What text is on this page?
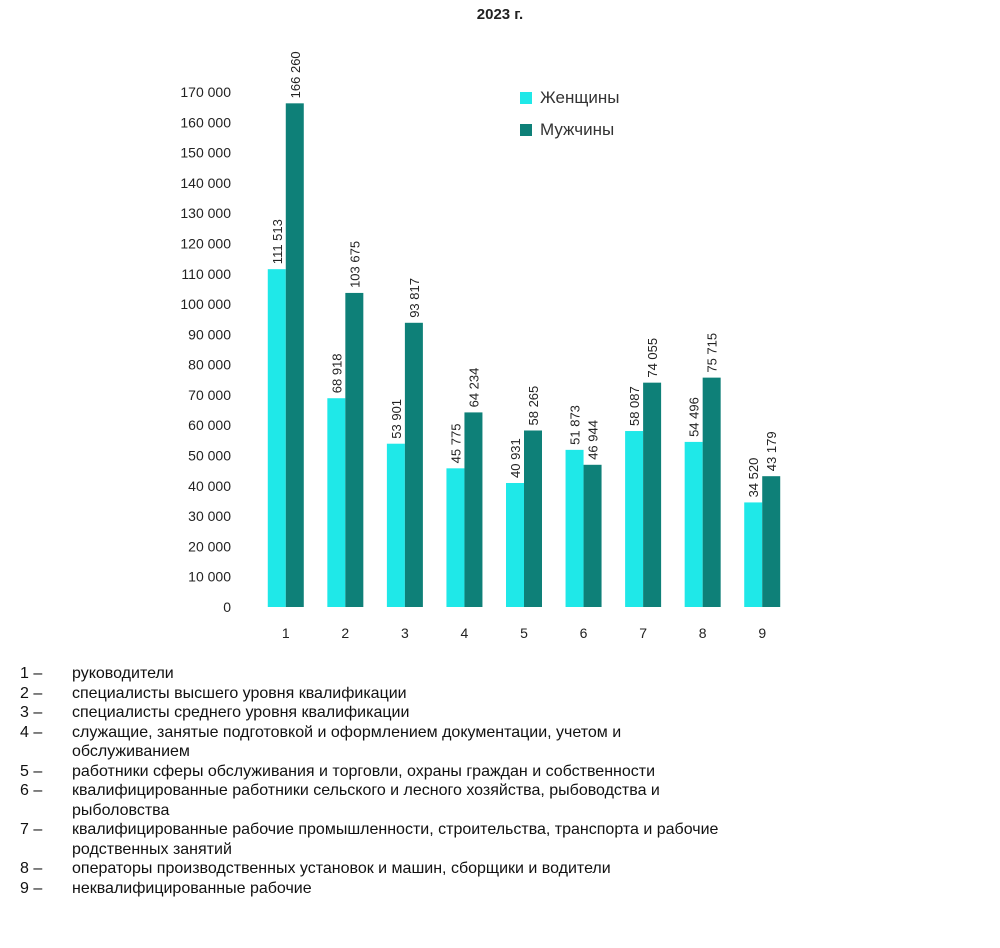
2023 г.
0
10 000
20 000
30 000
40 000
50 000
60 000
70 000
80 000
90 000
100 000
110 000
120 000
130 000
140 000
150 000
160 000
170 000
111 513
166 260
1
68 918
103 675
2
53 901
93 817
3
45 775
64 234
4
40 931
58 265
5
51 873 46 944
6
58 087
74 055
7
54 496
75 715
8
34 520
43 179
9
Женщины
Мужчины
1 –	руководители
2 –	специалисты высшего уровня квалификации
3 –	специалисты среднего уровня квалификации
4 –	служащие, занятые подготовкой и оформлением документации, учетом и обслуживанием
5 –	работники сферы обслуживания и торговли, охраны граждан и собственности
6 –	квалифицированные работники сельского и лесного хозяйства, рыбоводства и рыболовства
7 –	квалифицированные рабочие промышленности, строительства, транспорта и рабочие родственных занятий
8 –	операторы производственных установок и машин, сборщики и водители
9 –	неквалифицированные рабочие
